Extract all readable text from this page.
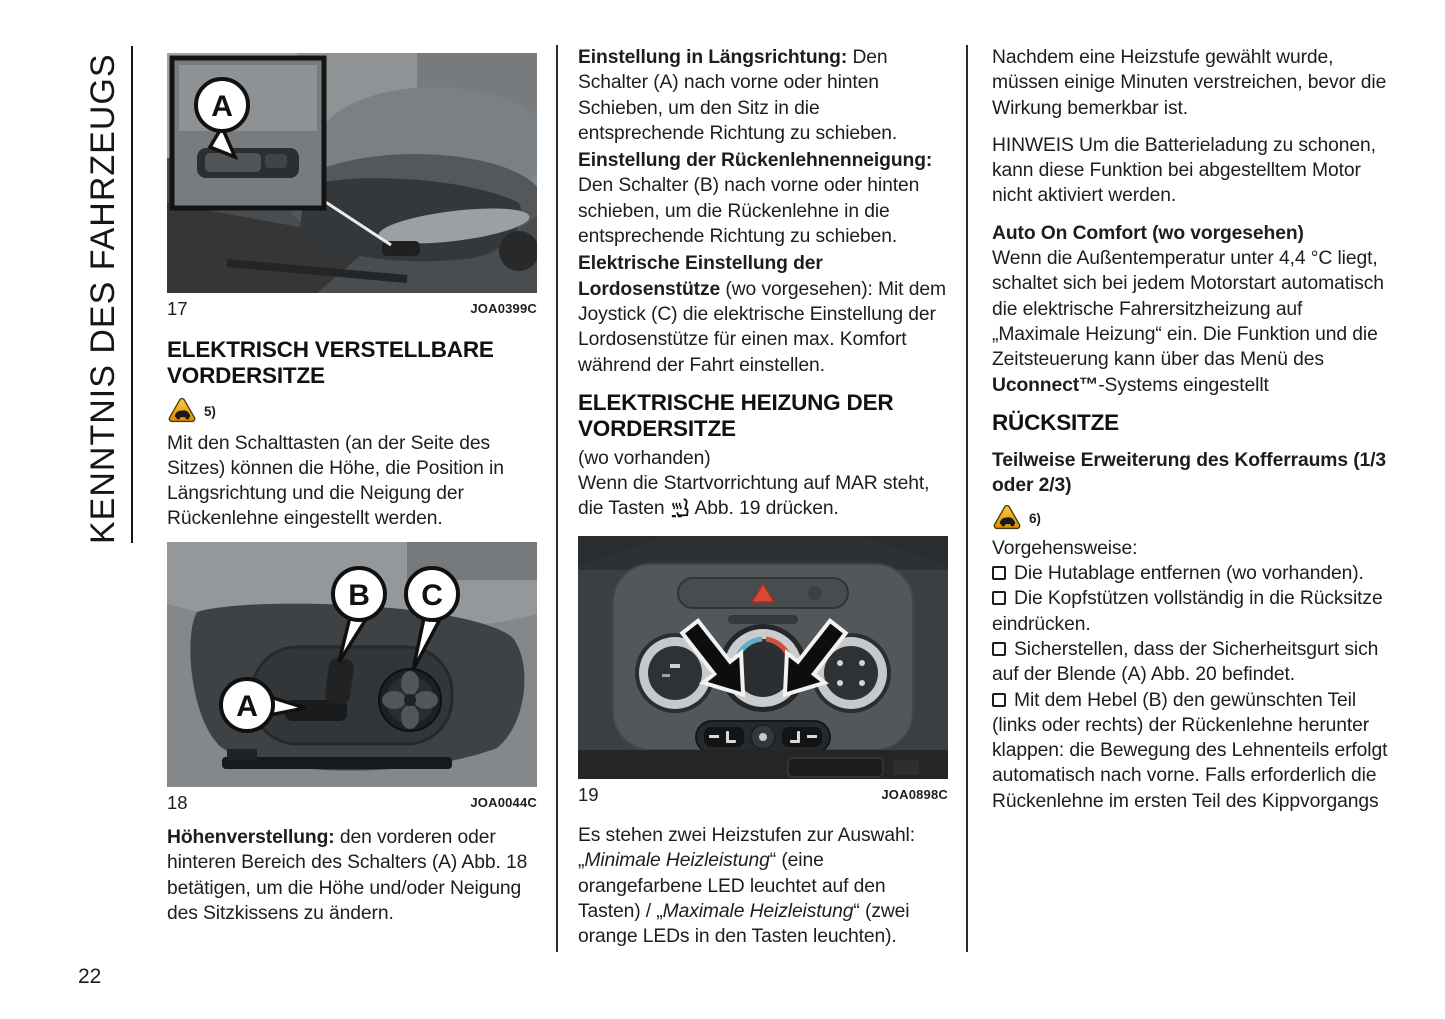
KENNTNIS DES FAHRZEUGS
22
A
17	JOA0399C
ELEKTRISCH VERSTELLBARE VORDERSITZE
5)

Mit den Schalttasten (an der Seite des Sitzes) können die Höhe, die Position in Längsrichtung und die Neigung der Rückenlehne eingestellt werden.

B C
A
18	JOA0044C

Höhenverstellung: den vorderen oder hinteren Bereich des Schalters (A) Abb. 18 betätigen, um die Höhe und/oder Neigung des Sitzkissens zu ändern.

Einstellung in Längsrichtung: Den Schalter (A) nach vorne oder hinten Schieben, um den Sitz in die entsprechende Richtung zu schieben.

Einstellung der Rückenlehnenneigung: Den Schalter (B) nach vorne oder hinten schieben, um die Rückenlehne in die entsprechende Richtung zu schieben.

Elektrische Einstellung der Lordosenstütze (wo vorgesehen): Mit dem Joystick (C) die elektrische Einstellung der Lordosenstütze für einen max. Komfort während der Fahrt einstellen.

ELEKTRISCHE HEIZUNG DER VORDERSITZE

(wo vorhanden)

Wenn die Startvorrichtung auf MAR steht, die Tasten Abb. 19 drücken.

19	JOA0898C

Es stehen zwei Heizstufen zur Auswahl: „Minimale Heizleistung“ (eine orangefarbene LED leuchtet auf den Tasten) / „Maximale Heizleistung“ (zwei orange LEDs in den Tasten leuchten).

Nachdem eine Heizstufe gewählt wurde, müssen einige Minuten verstreichen, bevor die Wirkung bemerkbar ist.

HINWEIS Um die Batterieladung zu schonen, kann diese Funktion bei abgestelltem Motor nicht aktiviert werden.

Auto On Comfort (wo vorgesehen)

Wenn die Außentemperatur unter 4,4 °C liegt, schaltet sich bei jedem Motorstart automatisch die elektrische Fahrersitzheizung auf „Maximale Heizung“ ein. Die Funktion und die Zeitsteuerung kann über das Menü des Uconnect™-Systems eingestellt

RÜCKSITZE

Teilweise Erweiterung des Kofferraums (1/3 oder 2/3)

6)

Vorgehensweise:

Die Hutablage entfernen (wo vorhanden).

Die Kopfstützen vollständig in die Rücksitze eindrücken.

Sicherstellen, dass der Sicherheitsgurt sich auf der Blende (A) Abb. 20 befindet.

Mit dem Hebel (B) den gewünschten Teil (links oder rechts) der Rückenlehne herunter klappen: die Bewegung des Lehnenteils erfolgt automatisch nach vorne. Falls erforderlich die Rückenlehne im ersten Teil des Kippvorgangs
